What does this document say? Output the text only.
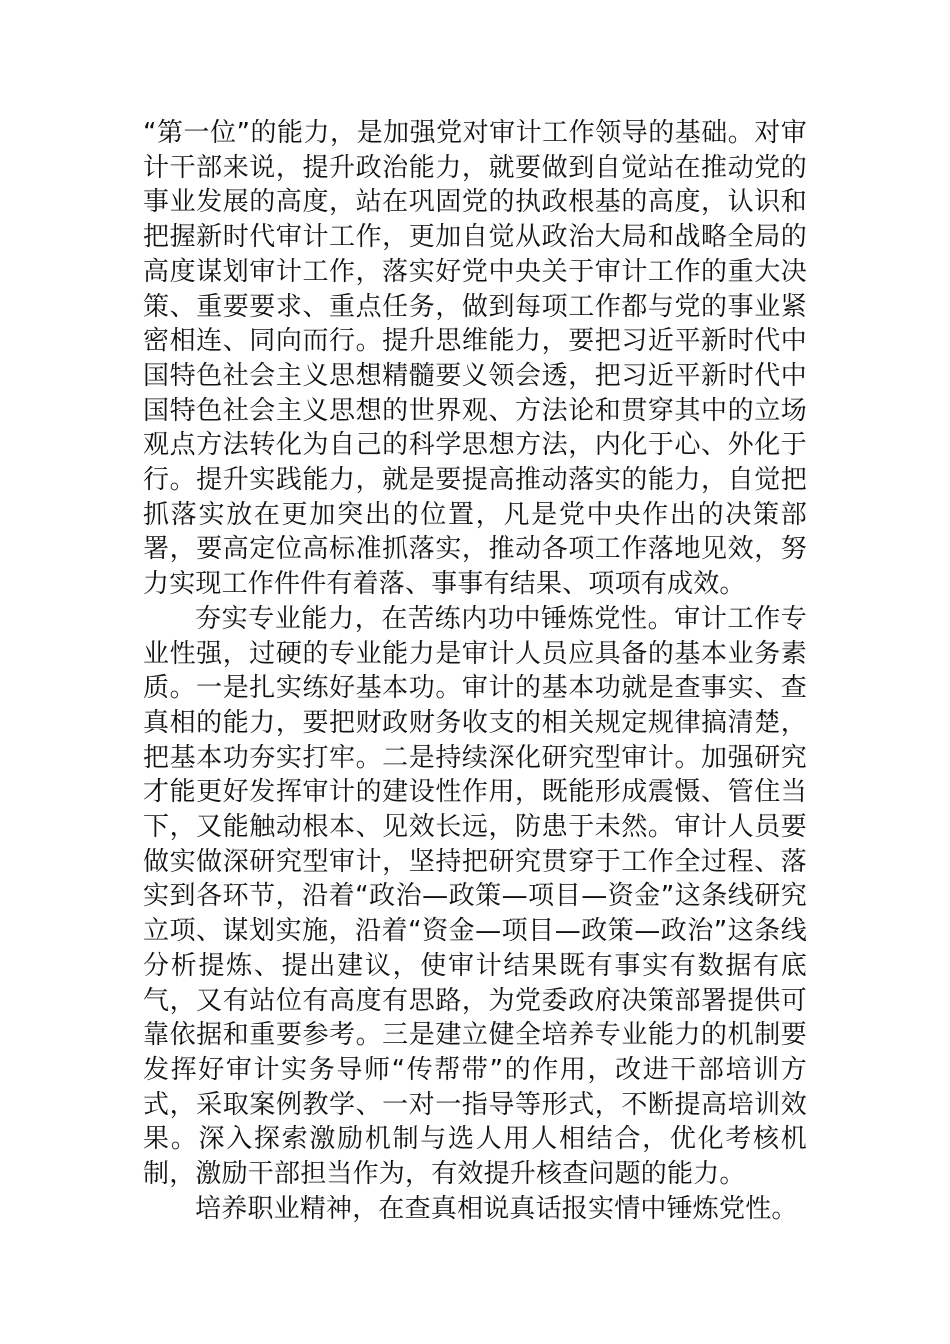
“第一位”的能力，是加强党对审计工作领导的基础。对审计干部来说，提升政治能力，就要做到自觉站在推动党的事业发展的高度，站在巩固党的执政根基的高度，认识和把握新时代审计工作，更加自觉从政治大局和战略全局的高度谋划审计工作，落实好党中央关于审计工作的重大决策、重要要求、重点任务，做到每项工作都与党的事业紧密相连、同向而行。提升思维能力，要把习近平新时代中国特色社会主义思想精髓要义领会透，把习近平新时代中国特色社会主义思想的世界观、方法论和贯穿其中的立场观点方法转化为自己的科学思想方法，内化于心、外化于行。提升实践能力，就是要提高推动落实的能力，自觉把抓落实放在更加突出的位置，凡是党中央作出的决策部署，要高定位高标准抓落实，推动各项工作落地见效，努力实现工作件件有着落、事事有结果、项项有成效。

夯实专业能力，在苦练内功中锤炼党性。审计工作专业性强，过硬的专业能力是审计人员应具备的基本业务素质。一是扎实练好基本功。审计的基本功就是查事实、查真相的能力，要把财政财务收支的相关规定规律搞清楚，把基本功夯实打牢。二是持续深化研究型审计。加强研究才能更好发挥审计的建设性作用，既能形成震慑、管住当下，又能触动根本、见效长远，防患于未然。审计人员要做实做深研究型审计，坚持把研究贯穿于工作全过程、落实到各环节，沿着“政治—政策—项目—资金”这条线研究立项、谋划实施，沿着“资金—项目—政策—政治”这条线分析提炼、提出建议，使审计结果既有事实有数据有底气，又有站位有高度有思路，为党委政府决策部署提供可靠依据和重要参考。三是建立健全培养专业能力的机制要发挥好审计实务导师“传帮带”的作用，改进干部培训方式，采取案例教学、一对一指导等形式，不断提高培训效果。深入探索激励机制与选人用人相结合，优化考核机制，激励干部担当作为，有效提升核查问题的能力。

培养职业精神，在查真相说真话报实情中锤炼党性。
